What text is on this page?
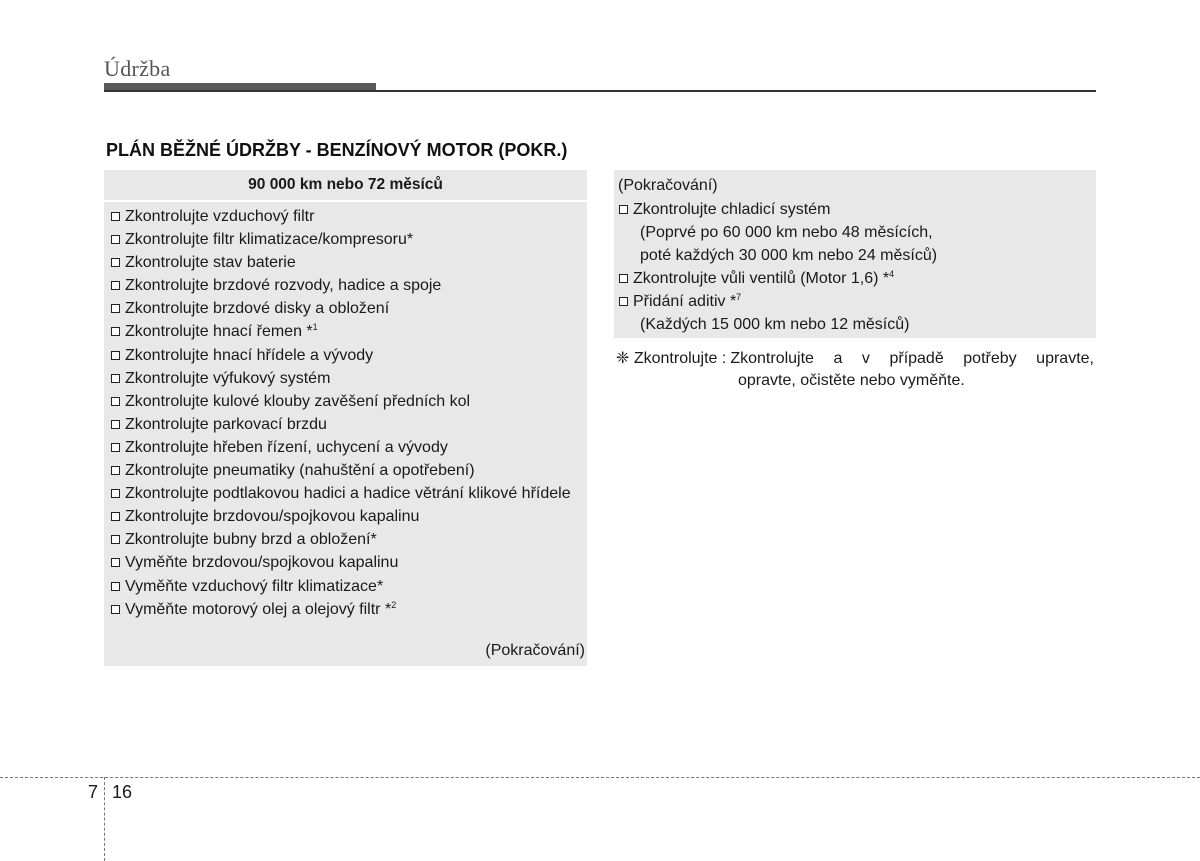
Údržba
PLÁN BĚŽNÉ ÚDRŽBY - BENZÍNOVÝ MOTOR (POKR.)
90 000 km nebo 72 měsíců
Zkontrolujte vzduchový filtr
Zkontrolujte filtr klimatizace/kompresoru*
Zkontrolujte stav baterie
Zkontrolujte brzdové rozvody, hadice a spoje
Zkontrolujte brzdové disky a obložení
Zkontrolujte hnací řemen *$^1$
Zkontrolujte hnací hřídele a vývody
Zkontrolujte výfukový systém
Zkontrolujte kulové klouby zavěšení předních kol
Zkontrolujte parkovací brzdu
Zkontrolujte hřeben řízení, uchycení a vývody
Zkontrolujte pneumatiky (nahuštění a opotřebení)
Zkontrolujte podtlakovou hadici a hadice větrání klikové hřídele
Zkontrolujte brzdovou/spojkovou kapalinu
Zkontrolujte bubny brzd a obložení*
Vyměňte brzdovou/spojkovou kapalinu
Vyměňte vzduchový filtr klimatizace*
Vyměňte motorový olej a olejový filtr *$^2$
(Pokračování)
(Pokračování)
Zkontrolujte chladicí systém
(Poprvé po 60 000 km nebo 48 měsících,
poté každých 30 000 km nebo 24 měsíců)
Zkontrolujte vůli ventilů (Motor 1,6) *$^4$
Přidání aditiv *$^7$
(Každých 15 000 km nebo 12 měsíců)
❈ Zkontrolujte : Zkontrolujte a v případě potřeby upravte,
opravte, očistěte nebo vyměňte.
7 16
